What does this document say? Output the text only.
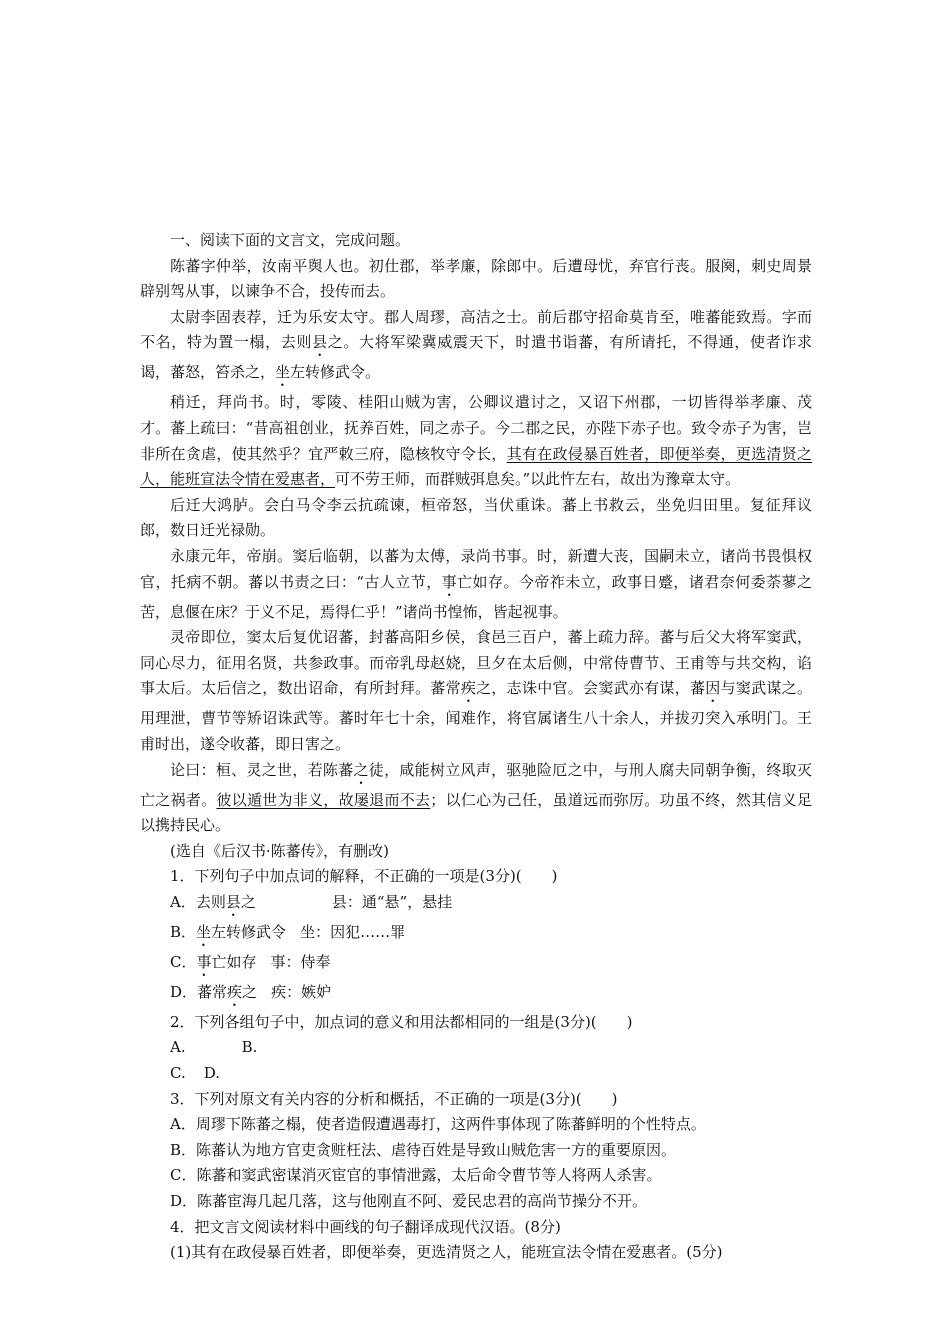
一、阅读下面的文言文，完成问题。

陈蕃字仲举，汝南平舆人也。初仕郡，举孝廉，除郎中。后遭母忧，弃官行丧。服阕，刺史周景辟别驾从事，以谏争不合，投传而去。

太尉李固表荐，迁为乐安太守。郡人周璆，高洁之士。前后郡守招命莫肯至，唯蕃能致焉。字而不名，特为置一榻，去则县之。大将军梁冀威震天下，时遣书诣蕃，有所请托，不得通，使者诈求谒，蕃怒，笞杀之，坐左转修武令。

稍迁，拜尚书。时，零陵、桂阳山贼为害，公卿议遣讨之，又诏下州郡，一切皆得举孝廉、茂才。蕃上疏曰：“昔高祖创业，抚养百姓，同之赤子。今二郡之民，亦陛下赤子也。致令赤子为害，岂非所在贪虐，使其然乎？宜严敕三府，隐核牧守令长，其有在政侵暴百姓者，即便举奏，更选清贤之人，能班宣法令情在爱惠者，可不劳王师，而群贼弭息矣。”以此忤左右，故出为豫章太守。

后迁大鸿胪。会白马令李云抗疏谏，桓帝怒，当伏重诛。蕃上书救云，坐免归田里。复征拜议郎，数日迁光禄勋。

永康元年，帝崩。窦后临朝，以蕃为太傅，录尚书事。时，新遭大丧，国嗣未立，诸尚书畏惧权官，托病不朝。蕃以书责之曰：“古人立节，事亡如存。今帝祚未立，政事日蹙，诸君奈何委荼蓼之苦，息偃在床？于义不足，焉得仁乎！”诸尚书惶怖，皆起视事。

灵帝即位，窦太后复优诏蕃，封蕃高阳乡侯，食邑三百户，蕃上疏力辞。蕃与后父大将军窦武，同心尽力，征用名贤，共参政事。而帝乳母赵娆，旦夕在太后侧，中常侍曹节、王甫等与共交构，谄事太后。太后信之，数出诏命，有所封拜。蕃常疾之，志诛中官。会窦武亦有谋，蕃因与窦武谋之。用理泄，曹节等矫诏诛武等。蕃时年七十余，闻难作，将官属诸生八十余人，并拔刃突入承明门。王甫时出，遂令收蕃，即日害之。

论曰：桓、灵之世，若陈蕃之徒，咸能树立风声，驱驰险厄之中，与刑人腐夫同朝争衡，终取灭亡之祸者。彼以遁世为非义，故屡退而不去；以仁心为己任，虽道远而弥厉。功虽不终，然其信义足以携持民心。

(选自《后汉书·陈蕃传》，有删改)

1．下列句子中加点词的解释，不正确的一项是(3分)(　　)

A．去则县之	县：通“悬”，悬挂

B．坐左转修武令 坐：因犯……罪

C．事亡如存 事：侍奉

D．蕃常疾之 疾：嫉妒

2．下列各组句子中，加点词的意义和用法都相同的一组是(3分)(　　)

A.	B.

C. D.

3．下列对原文有关内容的分析和概括，不正确的一项是(3分)(　　)

A．周璆下陈蕃之榻，使者造假遭遇毒打，这两件事体现了陈蕃鲜明的个性特点。

B．陈蕃认为地方官吏贪赃枉法、虐待百姓是导致山贼危害一方的重要原因。

C．陈蕃和窦武密谋消灭宦官的事情泄露，太后命令曹节等人将两人杀害。

D．陈蕃宦海几起几落，这与他刚直不阿、爱民忠君的高尚节操分不开。

4．把文言文阅读材料中画线的句子翻译成现代汉语。(8分)

(1)其有在政侵暴百姓者，即便举奏，更选清贤之人，能班宣法令情在爱惠者。(5分)
